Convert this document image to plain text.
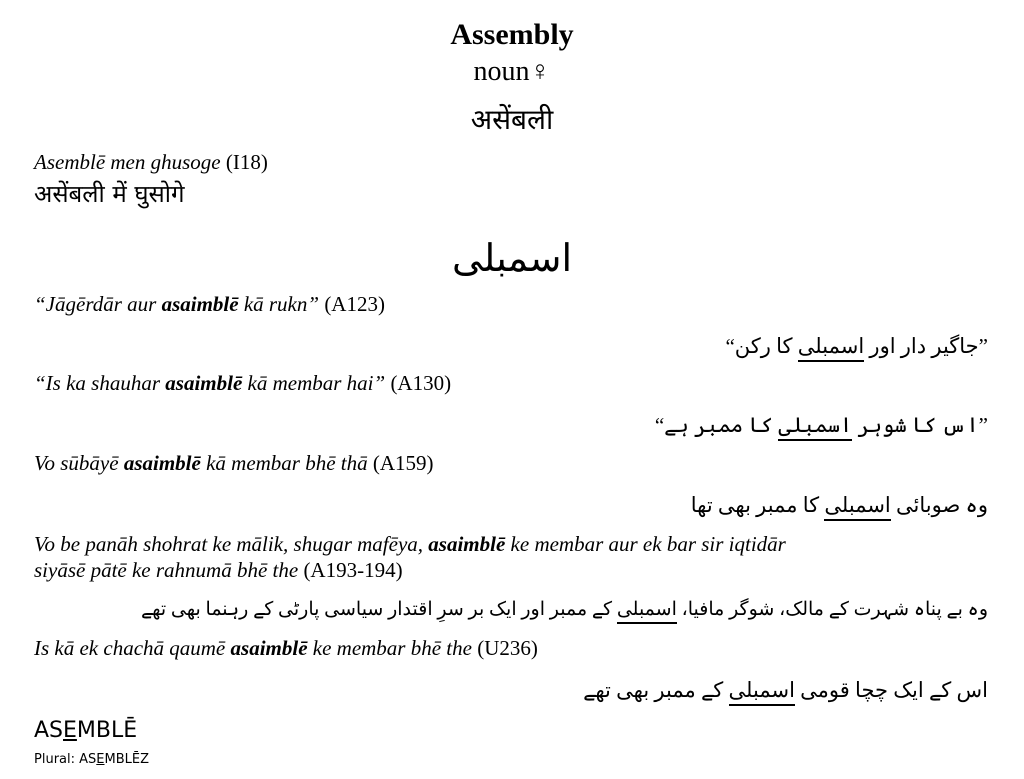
Assembly
noun♀
असेंबली
Asemblē men ghusoge (I18)
असेंबली में घुसोगे
اسمبلی
“Jāgērdār aur asaimblē kā rukn” (A123)
”جاگیر دار اور اسمبلی کا رکن“
“Is ka shauhar asaimblē kā membar hai” (A130)
”اس کا شوہر اسمبلی کا ممبر ہے“
Vo sūbāyē asaimblē kā membar bhē thā (A159)
وہ صوبائی اسمبلی کا ممبر بھی تھا
Vo be panāh shohrat ke mālik, shugar mafēya, asaimblē ke membar aur ek bar sir iqtidār
siyāsē pātē ke rahnumā bhē the (A193-194)
وہ بے پناہ شہرت کے مالک، شوگر مافیا، اسمبلی کے ممبر اور ایک بر سرِ اقتدار سیاسی پارٹی کے رہنما بھی تھے
Is kā ek chachā qaumē asaimblē ke membar bhē the (U236)
اس کے ایک چچا قومی اسمبلی کے ممبر بھی تھے
ASEMBLĒ
Plural: ASEMBLĒZ
